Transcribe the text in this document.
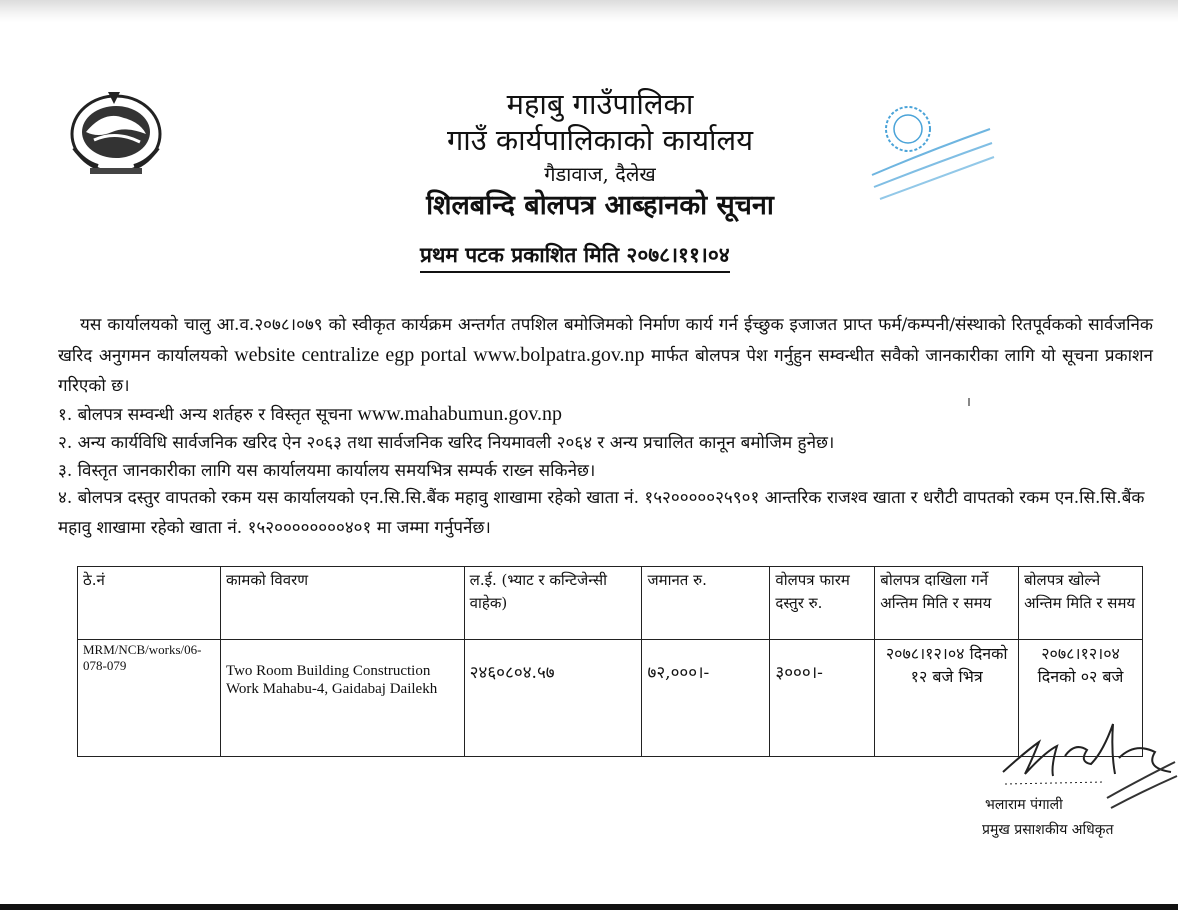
महाबु गाउँपालिका
गाउँ कार्यपालिकाको कार्यालय
गैडावाज, दैलेख
शिलबन्दि बोलपत्र आब्हानको सूचना
प्रथम पटक प्रकाशित मिति २०७८।११।०४
यस कार्यालयको चालु आ.व.२०७८।०७९ को स्वीकृत कार्यक्रम अन्तर्गत तपशिल बमोजिमको निर्माण कार्य गर्न ईच्छुक इजाजत प्राप्त फर्म/कम्पनी/संस्थाको रितपूर्वकको सार्वजनिक खरिद अनुगमन कार्यालयको website centralize egp portal www.bolpatra.gov.np मार्फत बोलपत्र पेश गर्नुहुन सम्वन्धीत सवैको जानकारीका लागि यो सूचना प्रकाशन गरिएको छ।
१. बोलपत्र सम्वन्धी अन्य शर्तहरु र विस्तृत सूचना www.mahabumun.gov.np
२. अन्य कार्यविधि सार्वजनिक खरिद ऐन २०६३ तथा सार्वजनिक खरिद नियमावली २०६४ र अन्य प्रचालित कानून बमोजिम हुनेछ।
३. विस्तृत जानकारीका लागि यस कार्यालयमा कार्यालय समयभित्र सम्पर्क राख्न सकिनेछ।
४. बोलपत्र दस्तुर वापतको रकम यस कार्यालयको एन.सि.सि.बैंक महावु शाखामा रहेको खाता नं. १५२०००००२५९०१ आन्तरिक राजश्व खाता र धरौटी वापतको रकम एन.सि.सि.बैंक महावु शाखामा रहेको खाता नं. १५२००००००००४०१ मा जम्मा गर्नुपर्नेछ।
ठे.नं	कामको विवरण	ल.ई. (भ्याट र कन्टिजेन्सी वाहेक)	जमानत रु.	वोलपत्र फारम दस्तुर रु.	बोलपत्र दाखिला गर्ने अन्तिम मिति र समय	बोलपत्र खोल्ने अन्तिम मिति र समय
MRM/NCB/works/06-078-079	Two Room Building Construction Work Mahabu-4, Gaidabaj Dailekh	२४६०८०४.५७	७२,०००।-	३०००।-	२०७८।१२।०४ दिनको १२ बजे भित्र	२०७८।१२।०४ दिनको ०२ बजे
भलाराम पंगाली
प्रमुख प्रसाशकीय अधिकृत
